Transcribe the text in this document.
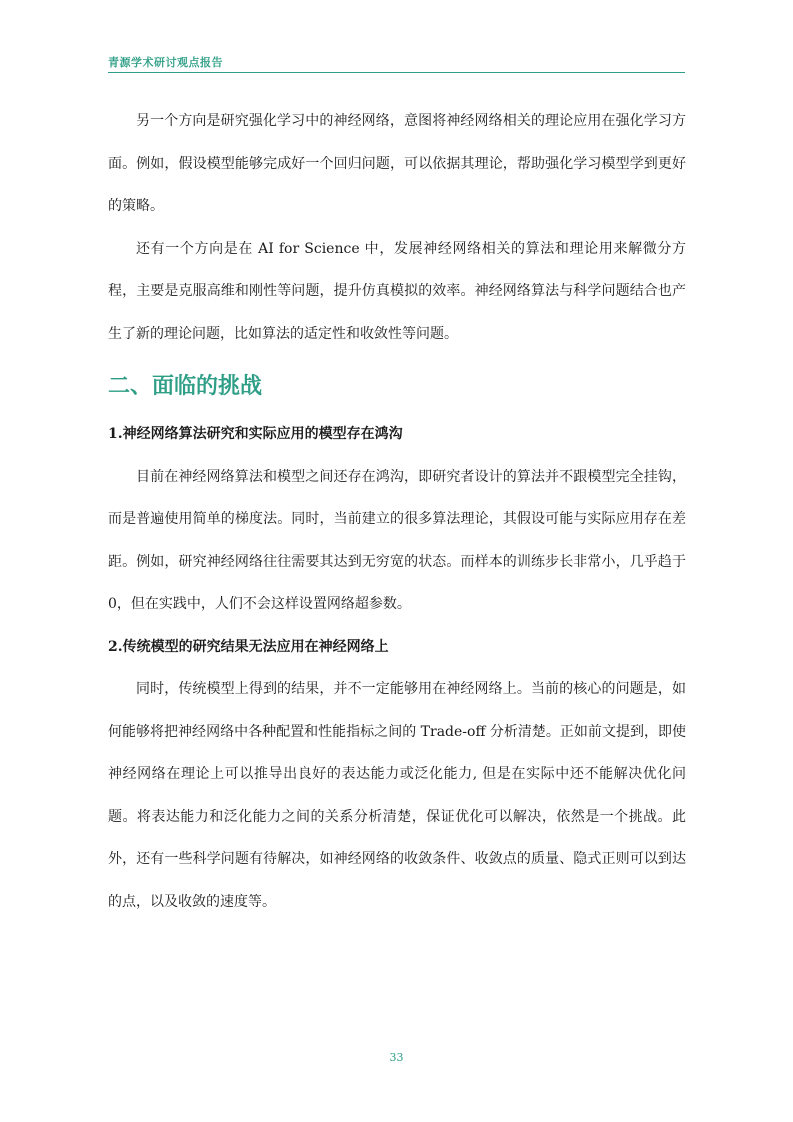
青源学术研讨观点报告

另一个方向是研究强化学习中的神经网络，意图将神经网络相关的理论应用在强化学习方面。例如，假设模型能够完成好一个回归问题，可以依据其理论，帮助强化学习模型学到更好的策略。

还有一个方向是在 AI for Science 中，发展神经网络相关的算法和理论用来解微分方程，主要是克服高维和刚性等问题，提升仿真模拟的效率。神经网络算法与科学问题结合也产生了新的理论问题，比如算法的适定性和收敛性等问题。

二、面临的挑战
1.神经网络算法研究和实际应用的模型存在鸿沟

目前在神经网络算法和模型之间还存在鸿沟，即研究者设计的算法并不跟模型完全挂钩，而是普遍使用简单的梯度法。同时，当前建立的很多算法理论，其假设可能与实际应用存在差距。例如，研究神经网络往往需要其达到无穷宽的状态。而样本的训练步长非常小，几乎趋于 0，但在实践中，人们不会这样设置网络超参数。

2.传统模型的研究结果无法应用在神经网络上

同时，传统模型上得到的结果，并不一定能够用在神经网络上。当前的核心的问题是，如何能够将把神经网络中各种配置和性能指标之间的 Trade-off 分析清楚。正如前文提到，即使神经网络在理论上可以推导出良好的表达能力或泛化能力, 但是在实际中还不能解决优化问题。将表达能力和泛化能力之间的关系分析清楚，保证优化可以解决，依然是一个挑战。此外，还有一些科学问题有待解决，如神经网络的收敛条件、收敛点的质量、隐式正则可以到达的点，以及收敛的速度等。

33
